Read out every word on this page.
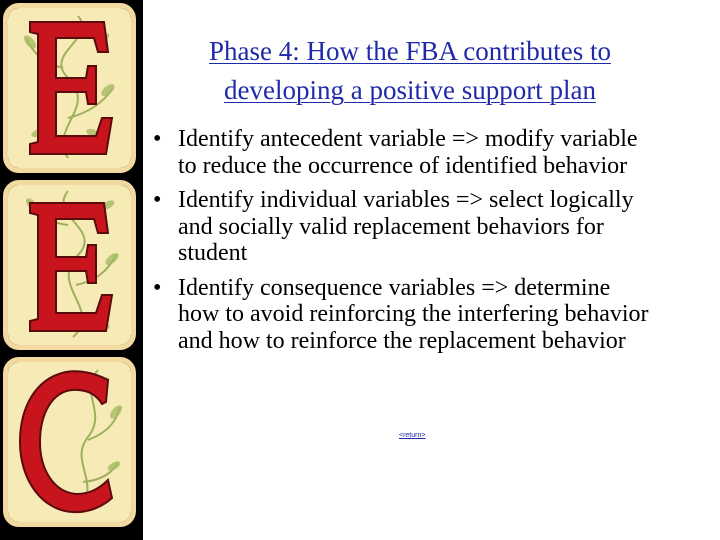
E
Phase 4: How the FBA contributes to
developing a positive support plan
• Identify antecedent variable => modify variable to reduce the occurrence of identified behavior
• Identify individual variables => select logically and socially valid replacement behaviors for student
• Identify consequence variables => determine how to avoid reinforcing the interfering behavior and how to reinforce the replacement behavior
<return>
